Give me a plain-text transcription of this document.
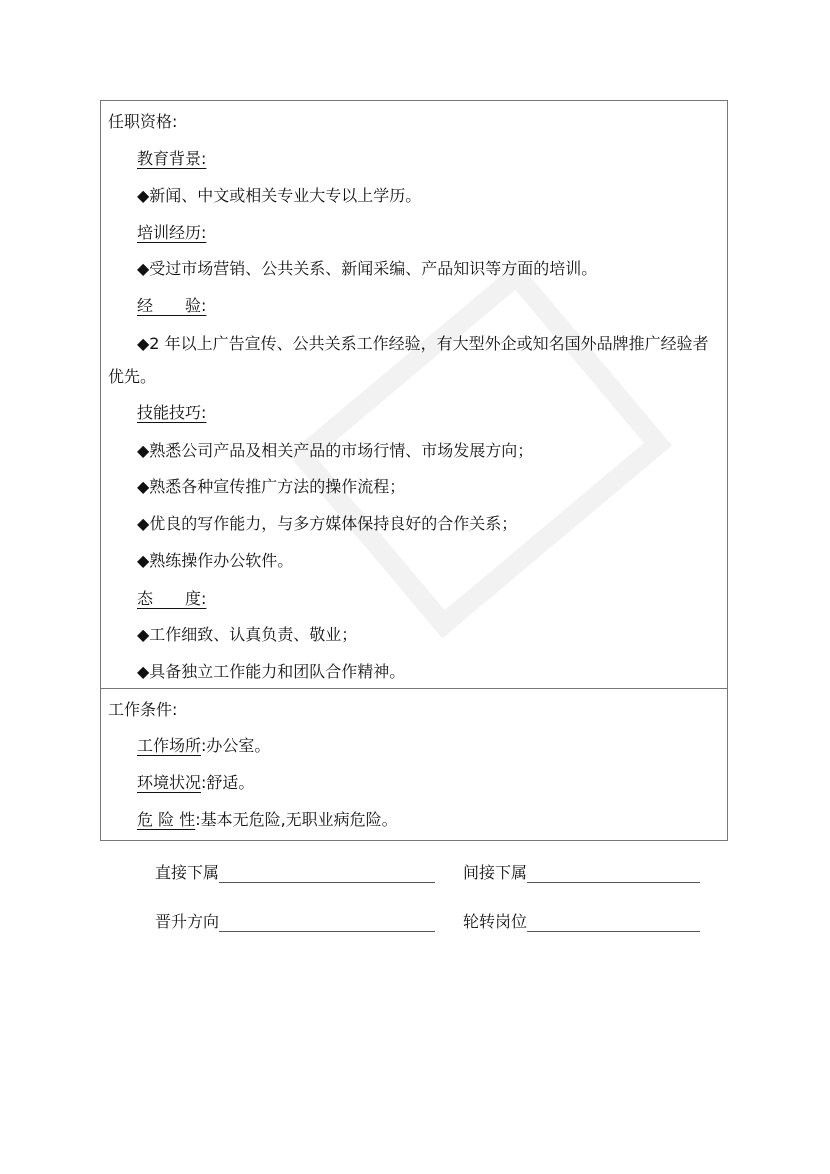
任职资格:
教育背景:
◆新闻、中文或相关专业大专以上学历。
培训经历:
◆受过市场营销、公共关系、新闻采编、产品知识等方面的培训。
经　　验:
◆2 年以上广告宣传、公共关系工作经验，有大型外企或知名国外品牌推广经验者优先。
技能技巧:
◆熟悉公司产品及相关产品的市场行情、市场发展方向；
◆熟悉各种宣传推广方法的操作流程；
◆优良的写作能力，与多方媒体保持良好的合作关系；
◆熟练操作办公软件。
态　　度:
◆工作细致、认真负责、敬业；
◆具备独立工作能力和团队合作精神。
工作条件:
工作场所:办公室。
环境状况:舒适。
危 险 性:基本无危险,无职业病危险。
直接下属	间接下属
晋升方向	轮转岗位
